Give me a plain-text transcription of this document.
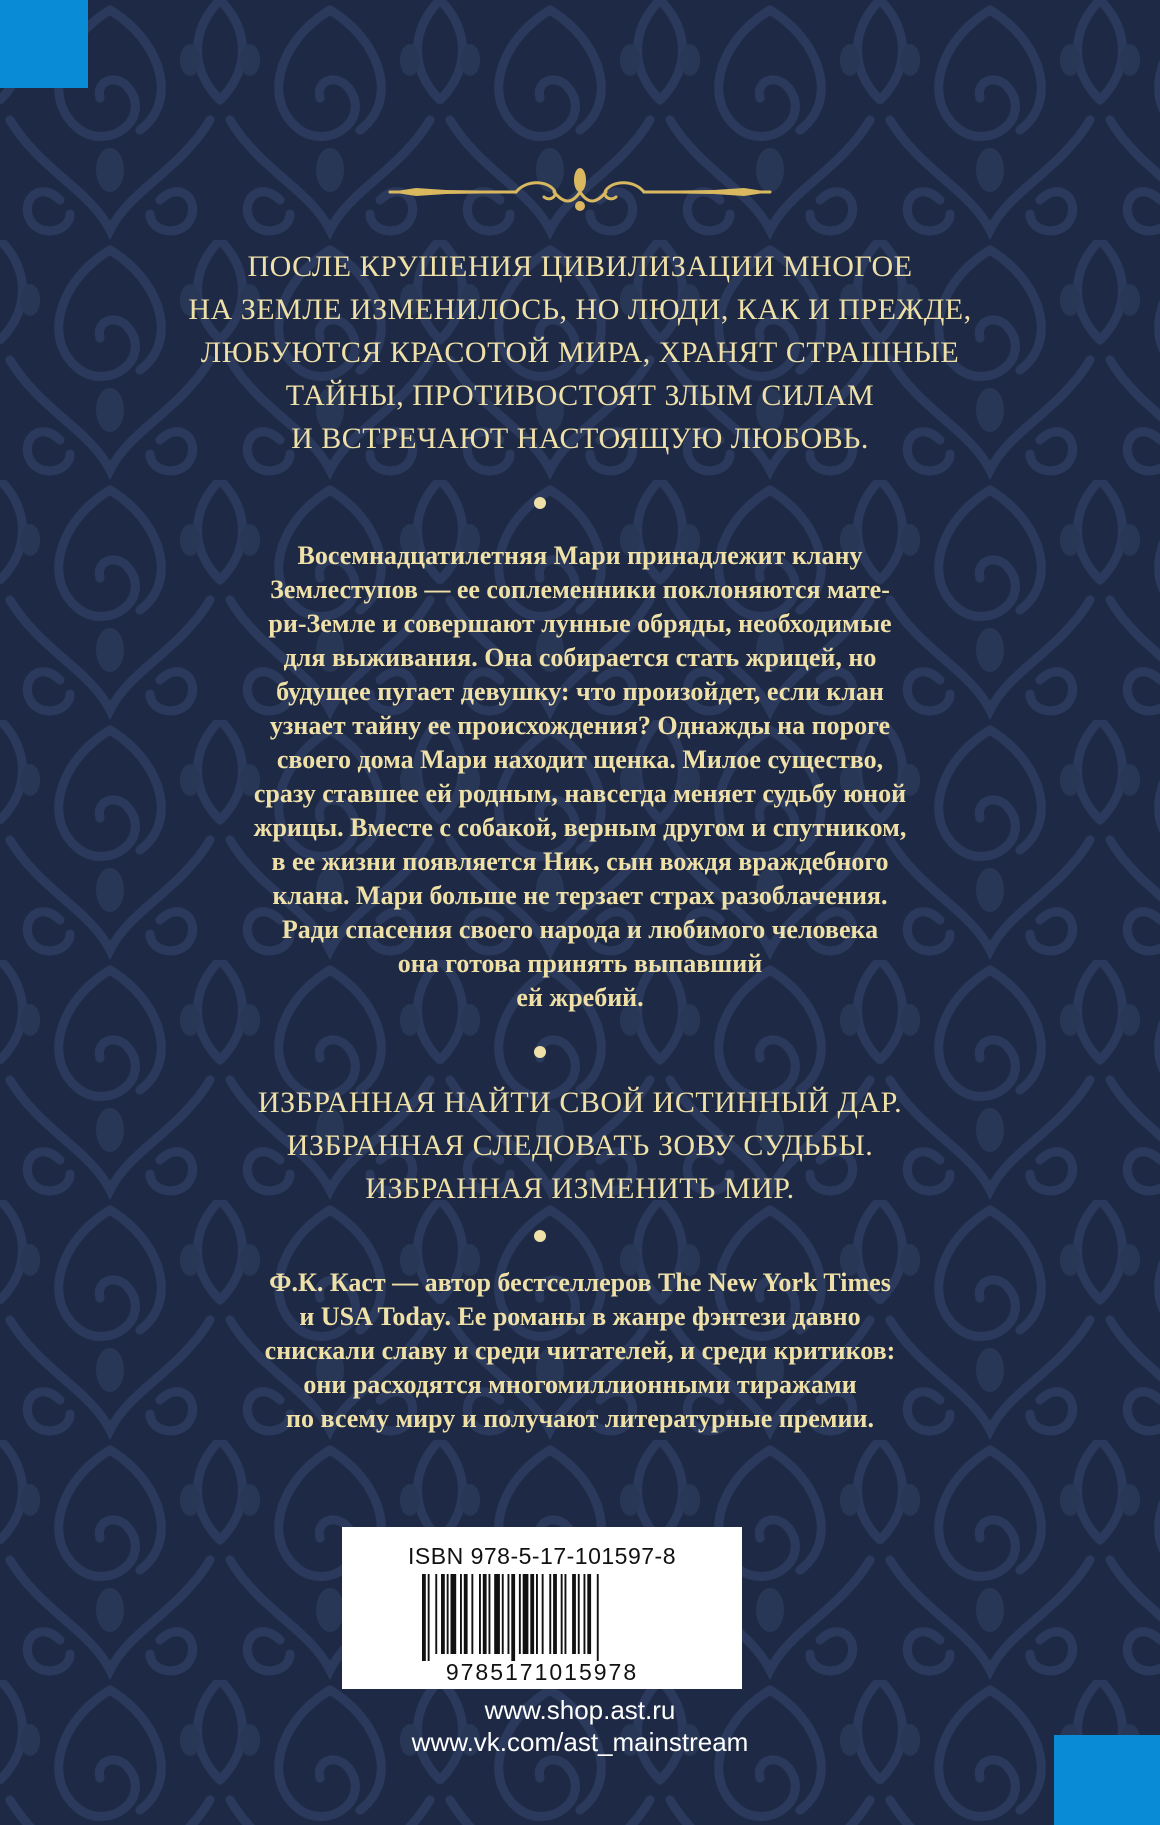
ПОСЛЕ КРУШЕНИЯ ЦИВИЛИЗАЦИИ МНОГОЕ
НА ЗЕМЛЕ ИЗМЕНИЛОСЬ, НО ЛЮДИ, КАК И ПРЕЖДЕ,
ЛЮБУЮТСЯ КРАСОТОЙ МИРА, ХРАНЯТ СТРАШНЫЕ
ТАЙНЫ, ПРОТИВОСТОЯТ ЗЛЫМ СИЛАМ
И ВСТРЕЧАЮТ НАСТОЯЩУЮ ЛЮБОВЬ.
Восемнадцатилетняя Мари принадлежит клану
Землеступов — ее соплеменники поклоняются мате-
ри-Земле и совершают лунные обряды, необходимые
для выживания. Она собирается стать жрицей, но
будущее пугает девушку: что произойдет, если клан
узнает тайну ее происхождения? Однажды на пороге
своего дома Мари находит щенка. Милое существо,
сразу ставшее ей родным, навсегда меняет судьбу юной
жрицы. Вместе с собакой, верным другом и спутником,
в ее жизни появляется Ник, сын вождя враждебного
клана. Мари больше не терзает страх разоблачения.
Ради спасения своего народа и любимого человека
она готова принять выпавший
ей жребий.
ИЗБРАННАЯ НАЙТИ СВОЙ ИСТИННЫЙ ДАР.
ИЗБРАННАЯ СЛЕДОВАТЬ ЗОВУ СУДЬБЫ.
ИЗБРАННАЯ ИЗМЕНИТЬ МИР.
Ф.К. Каст — автор бестселлеров The New York Times
и USA Today. Ее романы в жанре фэнтези давно
снискали славу и среди читателей, и среди критиков:
они расходятся многомиллионными тиражами
по всему миру и получают литературные премии.
ISBN 978-5-17-101597-8
9785171015978
www.shop.ast.ru
www.vk.com/ast_mainstream
